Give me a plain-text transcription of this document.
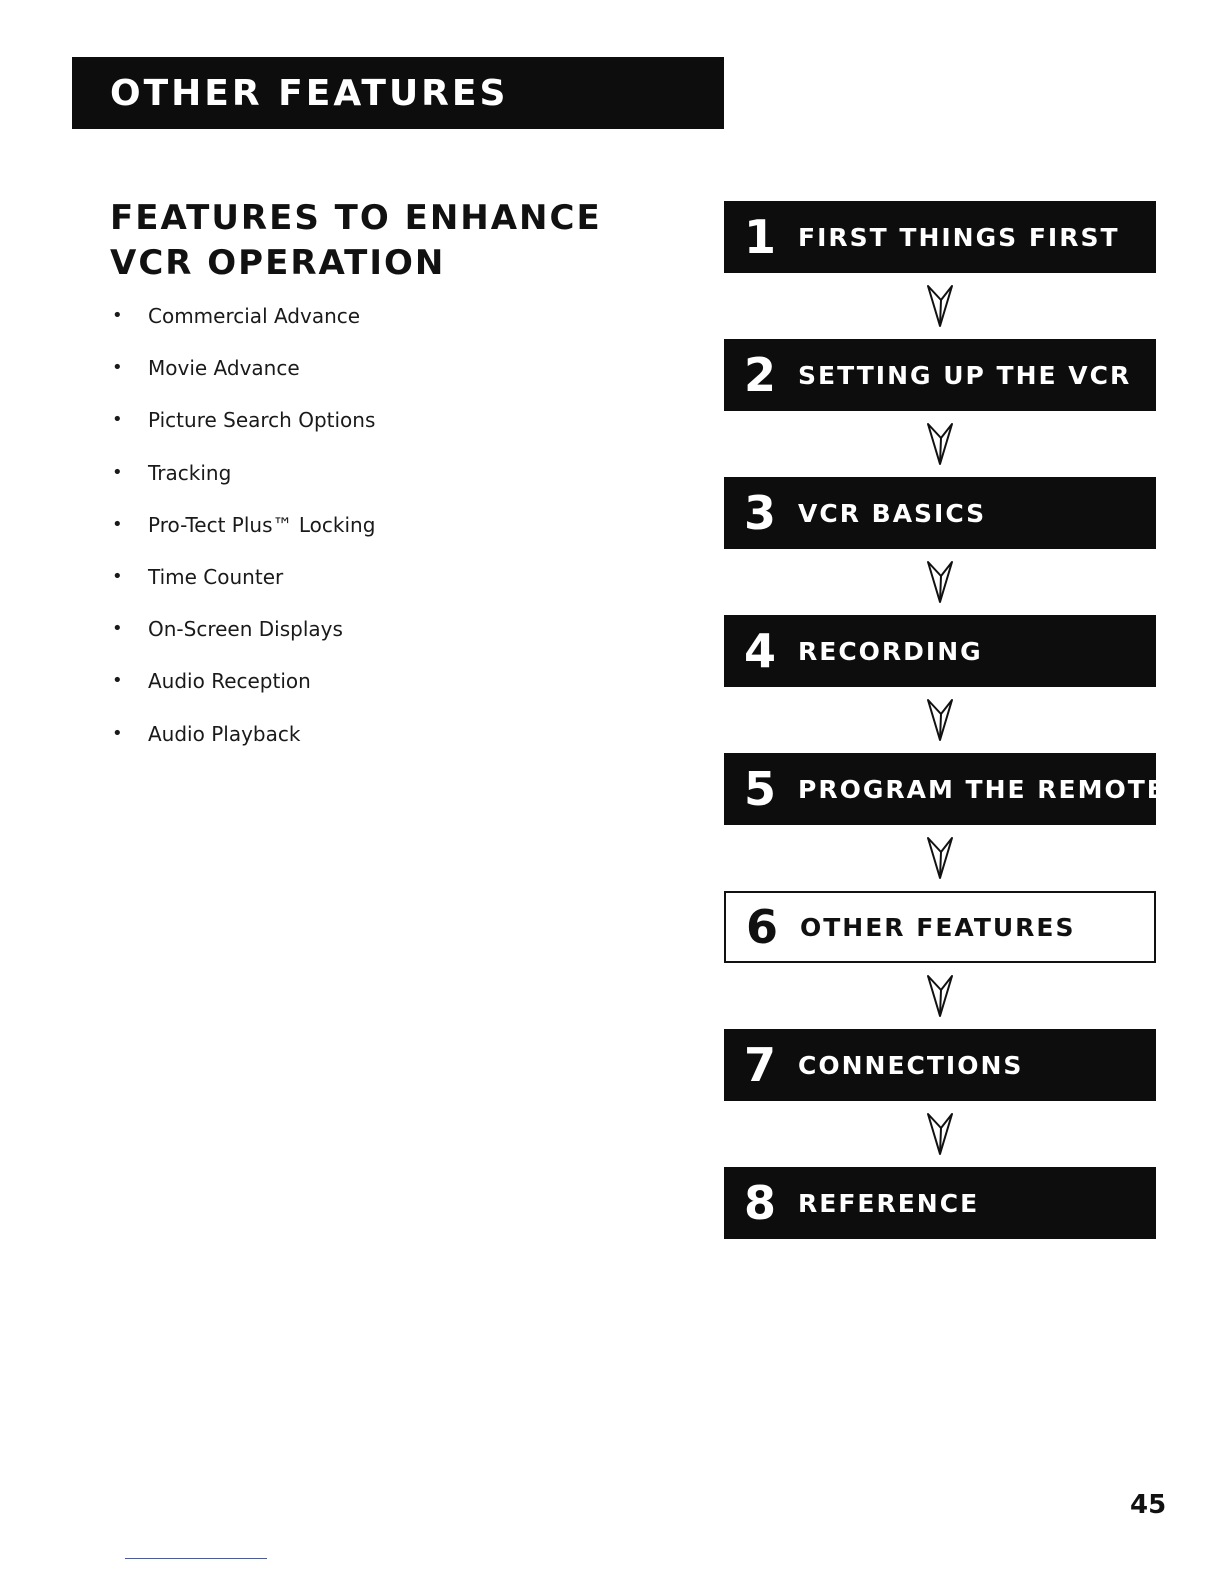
OTHER FEATURES
FEATURES TO ENHANCE VCR OPERATION
•	Commercial Advance
•	Movie Advance
•	Picture Search Options
•	Tracking
•	Pro-Tect Plus™ Locking
•	Time Counter
•	On-Screen Displays
•	Audio Reception
•	Audio Playback
1 FIRST THINGS FIRST
2 SETTING UP THE VCR
3 VCR BASICS
4 RECORDING
5 PROGRAM THE REMOTE
6 OTHER FEATURES
7 CONNECTIONS
8 REFERENCE
45
